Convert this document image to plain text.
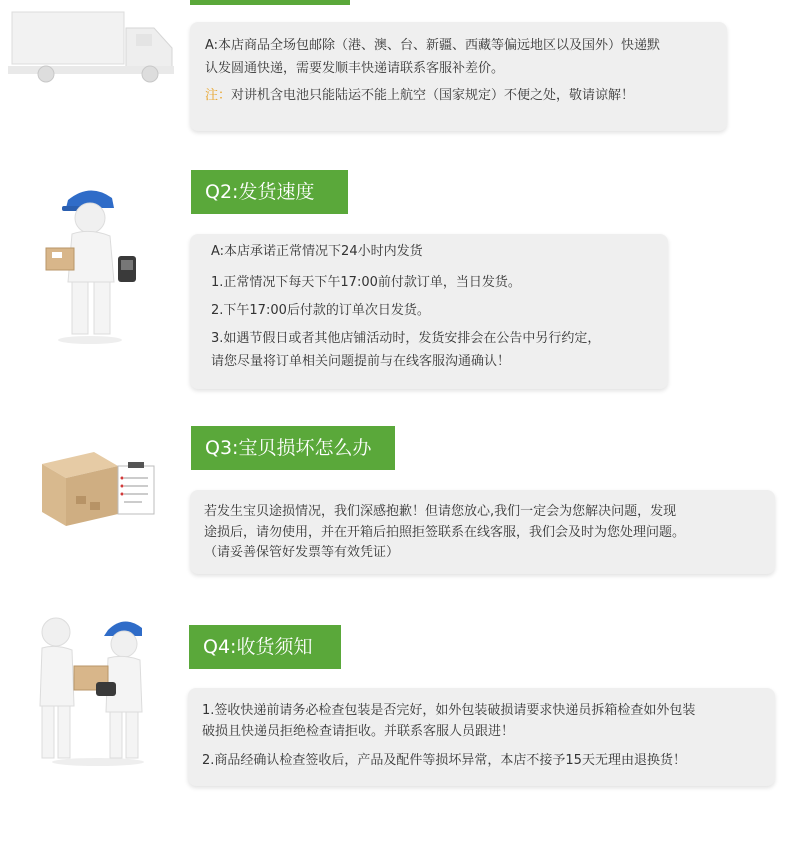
A:本店商品全场包邮除（港、澳、台、新疆、西藏等偏远地区以及国外）快递默
认发圆通快递，需要发顺丰快递请联系客服补差价。
注：对讲机含电池只能陆运不能上航空（国家规定）不便之处，敬请谅解！
Q2:发货速度
A:本店承诺正常情况下24小时内发货
1.正常情况下每天下午17:00前付款订单，当日发货。
2.下午17:00后付款的订单次日发货。
3.如遇节假日或者其他店铺活动时，发货安排会在公告中另行约定，
请您尽量将订单相关问题提前与在线客服沟通确认！
Q3:宝贝损坏怎么办
若发生宝贝途损情况，我们深感抱歉！但请您放心,我们一定会为您解决问题，发现
途损后，请勿使用，并在开箱后拍照拒签联系在线客服，我们会及时为您处理问题。
（请妥善保管好发票等有效凭证）
Q4:收货须知
1.签收快递前请务必检查包装是否完好，如外包装破损请要求快递员拆箱检查如外包装
破损且快递员拒绝检查请拒收。并联系客服人员跟进！
2.商品经确认检查签收后，产品及配件等损坏异常，本店不接予15天无理由退换货！
